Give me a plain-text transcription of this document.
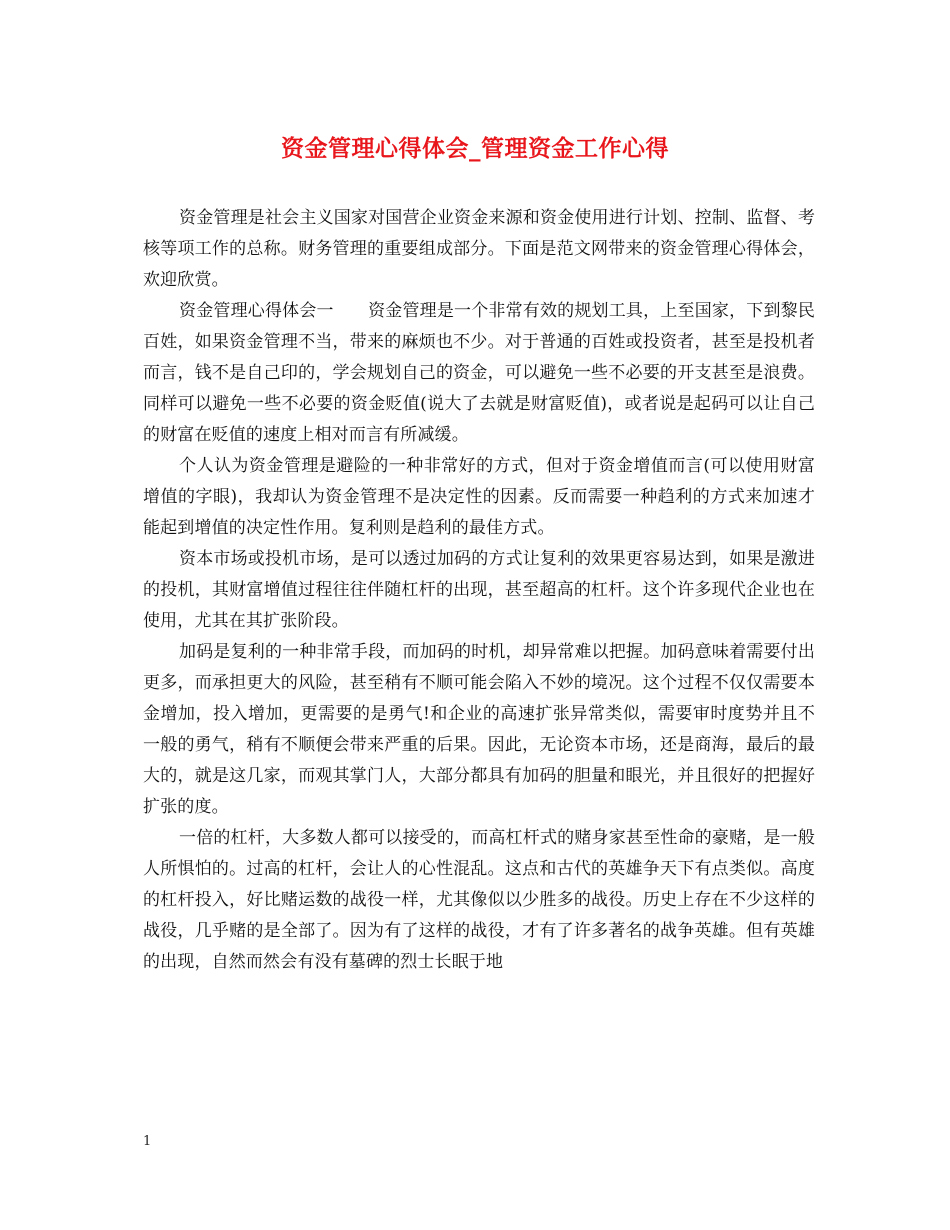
资金管理心得体会_管理资金工作心得

资金管理是社会主义国家对国营企业资金来源和资金使用进行计划、控制、监督、考核等项工作的总称。财务管理的重要组成部分。下面是范文网带来的资金管理心得体会，欢迎欣赏。

资金管理心得体会一　　资金管理是一个非常有效的规划工具，上至国家，下到黎民百姓，如果资金管理不当，带来的麻烦也不少。对于普通的百姓或投资者，甚至是投机者而言，钱不是自己印的，学会规划自己的资金，可以避免一些不必要的开支甚至是浪费。同样可以避免一些不必要的资金贬值(说大了去就是财富贬值)，或者说是起码可以让自己的财富在贬值的速度上相对而言有所减缓。

个人认为资金管理是避险的一种非常好的方式，但对于资金增值而言(可以使用财富增值的字眼)，我却认为资金管理不是决定性的因素。反而需要一种趋利的方式来加速才能起到增值的决定性作用。复利则是趋利的最佳方式。

资本市场或投机市场，是可以透过加码的方式让复利的效果更容易达到，如果是激进的投机，其财富增值过程往往伴随杠杆的出现，甚至超高的杠杆。这个许多现代企业也在使用，尤其在其扩张阶段。

加码是复利的一种非常手段，而加码的时机，却异常难以把握。加码意味着需要付出更多，而承担更大的风险，甚至稍有不顺可能会陷入不妙的境况。这个过程不仅仅需要本金增加，投入增加，更需要的是勇气!和企业的高速扩张异常类似，需要审时度势并且不一般的勇气，稍有不顺便会带来严重的后果。因此，无论资本市场，还是商海，最后的最大的，就是这几家，而观其掌门人，大部分都具有加码的胆量和眼光，并且很好的把握好扩张的度。

一倍的杠杆，大多数人都可以接受的，而高杠杆式的赌身家甚至性命的豪赌，是一般人所惧怕的。过高的杠杆，会让人的心性混乱。这点和古代的英雄争天下有点类似。高度的杠杆投入，好比赌运数的战役一样，尤其像似以少胜多的战役。历史上存在不少这样的战役，几乎赌的是全部了。因为有了这样的战役，才有了许多著名的战争英雄。但有英雄的出现，自然而然会有没有墓碑的烈士长眠于地

1
